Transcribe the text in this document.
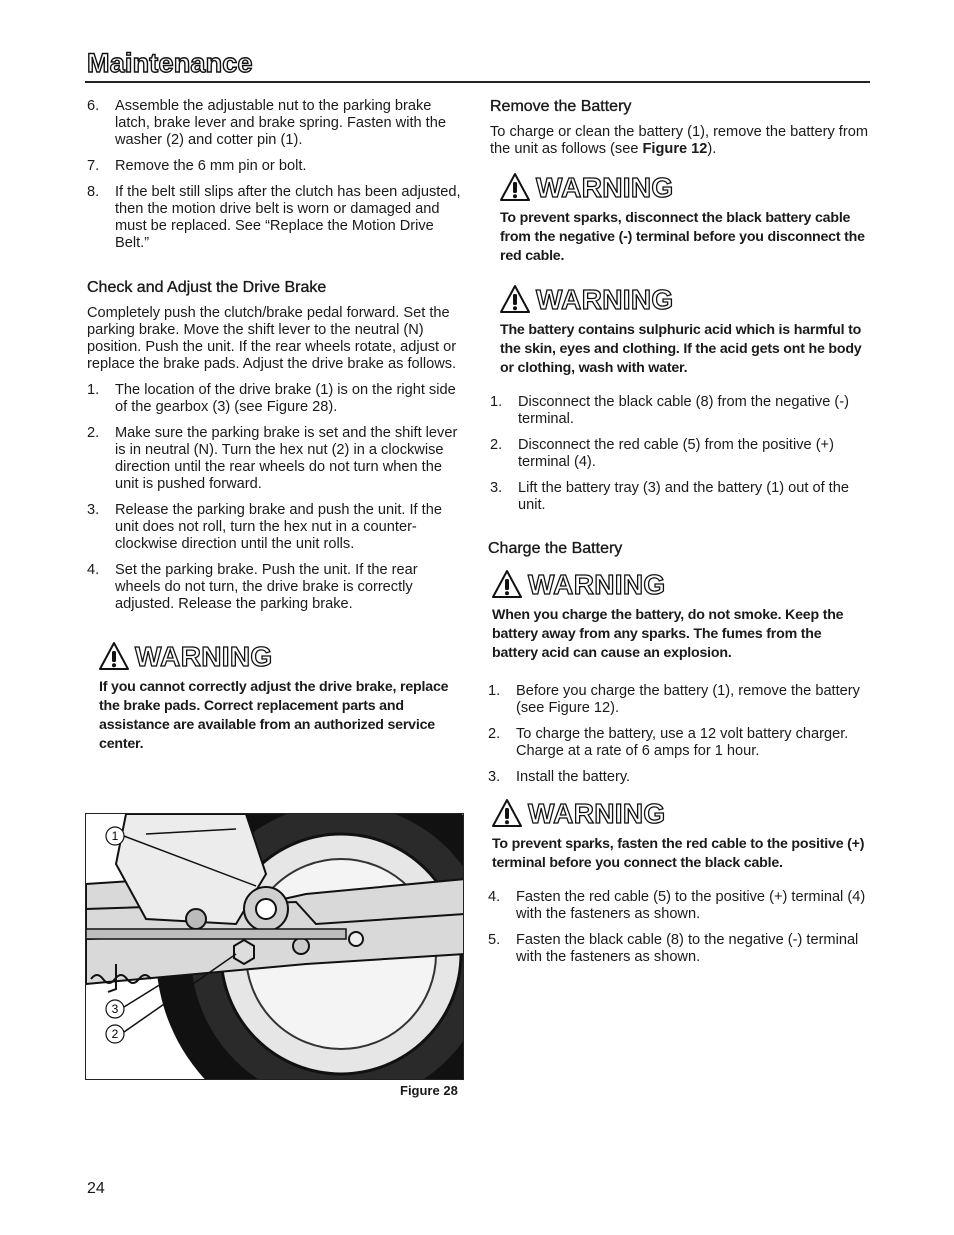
Maintenance
6.	Assemble the adjustable nut to the parking brake latch, brake lever and brake spring. Fasten with the washer (2) and cotter pin (1).
7.	Remove the 6 mm pin or bolt.
8.	If the belt still slips after the clutch has been adjusted, then the motion drive belt is worn or damaged and must be replaced. See “Replace the Motion Drive Belt.”
Check and Adjust the Drive Brake

Completely push the clutch/brake pedal forward. Set the parking brake. Move the shift lever to the neutral (N) position. Push the unit. If the rear wheels rotate, adjust or replace the brake pads. Adjust the drive brake as follows.

1.	The location of the drive brake (1) is on the right side of the gearbox (3) (see Figure 28).
2.	Make sure the parking brake is set and the shift lever is in neutral (N). Turn the hex nut (2) in a clockwise direction until the rear wheels do not turn when the unit is pushed forward.
3.	Release the parking brake and push the unit. If the unit does not roll, turn the hex nut in a counter-clockwise direction until the unit rolls.
4.	Set the parking brake. Push the unit. If the rear wheels do not turn, the drive brake is correctly adjusted. Release the parking brake.
WARNING
If you cannot correctly adjust the drive brake, replace the brake pads. Correct replacement parts and assistance are available from an authorized service center.
1
3
2
Figure 28
Remove the Battery

To charge or clean the battery (1), remove the battery from the unit as follows (see Figure 12).

WARNING
To prevent sparks, disconnect the black battery cable from the negative (-) terminal before you disconnect the red cable.
WARNING
The battery contains sulphuric acid which is harmful to the skin, eyes and clothing. If the acid gets ont he body or clothing, wash with water.
1.	Disconnect the black cable (8) from the negative (-) terminal.
2.	Disconnect the red cable (5) from the positive (+) terminal (4).
3.	Lift the battery tray (3) and the battery (1) out of the unit.
Charge the Battery
WARNING
When you charge the battery, do not smoke. Keep the battery away from any sparks. The fumes from the battery acid can cause an explosion.
1.	Before you charge the battery (1), remove the battery (see Figure 12).
2.	To charge the battery, use a 12 volt battery charger. Charge at a rate of 6 amps for 1 hour.
3.	Install the battery.
WARNING
To prevent sparks, fasten the red cable to the positive (+) terminal before you connect the black cable.
4.	Fasten the red cable (5) to the positive (+) terminal (4) with the fasteners as shown.
5.	Fasten the black cable (8) to the negative (-) terminal with the fasteners as shown.
24
